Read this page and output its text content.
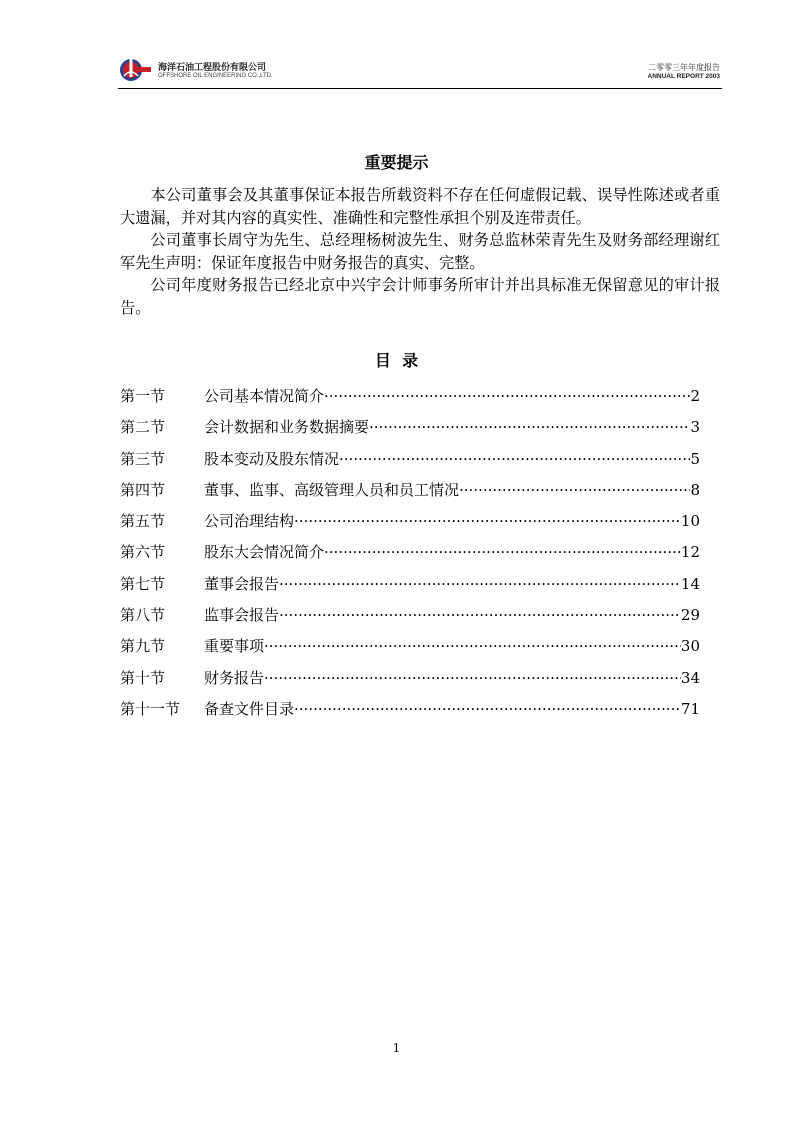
海洋石油工程股份有限公司
OFFSHORE OIL ENGINEERING CO.,LTD.
二零零三年年度报告
ANNUAL REPORT 2003
重要提示

本公司董事会及其董事保证本报告所载资料不存在任何虚假记载、误导性陈述或者重大遗漏，并对其内容的真实性、准确性和完整性承担个别及连带责任。

公司董事长周守为先生、总经理杨树波先生、财务总监林荣青先生及财务部经理谢红军先生声明：保证年度报告中财务报告的真实、完整。

公司年度财务报告已经北京中兴宇会计师事务所审计并出具标准无保留意见的审计报告。

目  录
第一节	公司基本情况简介 ·····	2
第二节	会计数据和业务数据摘要 ·····	3
第三节	股本变动及股东情况 ·····	5
第四节	董事、监事、高级管理人员和员工情况 ·····	8
第五节	公司治理结构 ·····	10
第六节	股东大会情况简介 ·····	12
第七节	董事会报告 ·····	14
第八节	监事会报告 ·····	29
第九节	重要事项 ·····	30
第十节	财务报告 ·····	34
第十一节	备查文件目录 ·····	71
1
